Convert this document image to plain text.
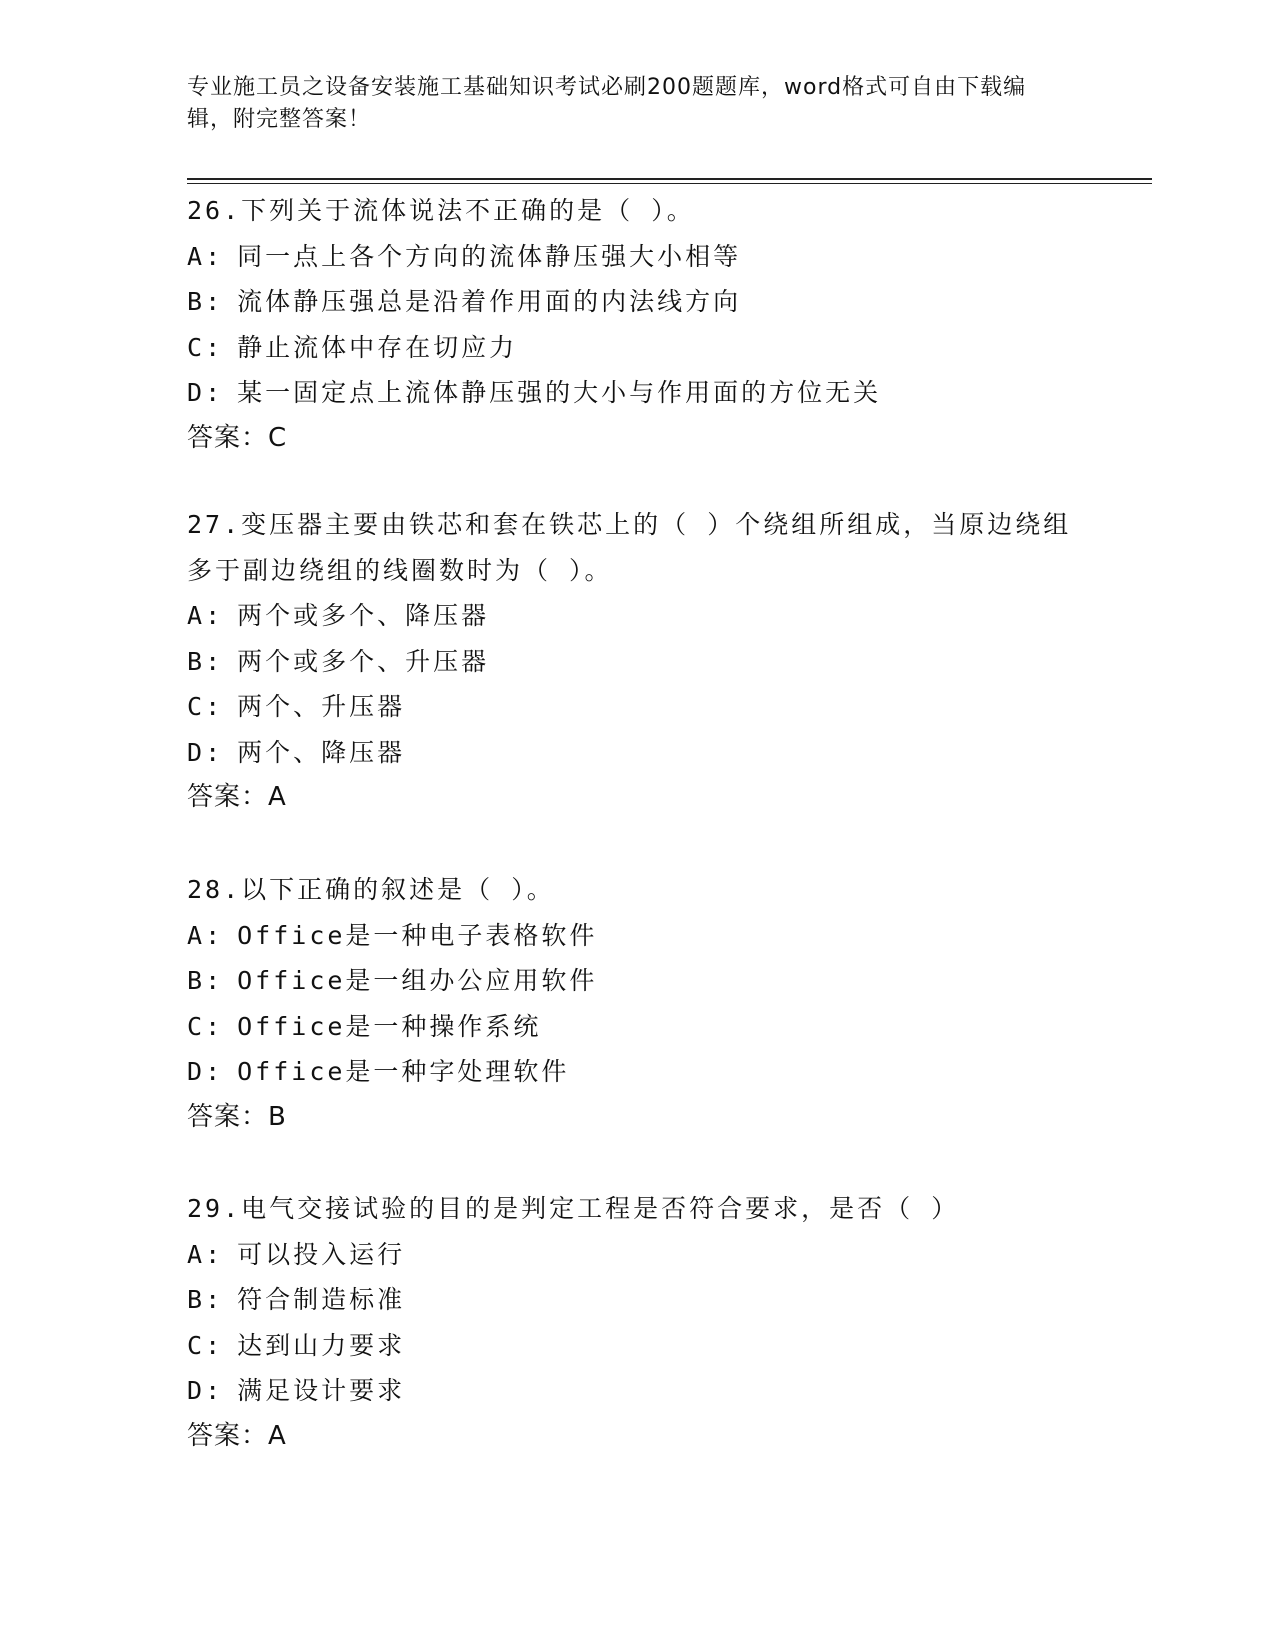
专业施工员之设备安装施工基础知识考试必刷200题题库，word格式可自由下载编辑，附完整答案！
26.下列关于流体说法不正确的是（ ）。
A: 同一点上各个方向的流体静压强大小相等
B: 流体静压强总是沿着作用面的内法线方向
C: 静止流体中存在切应力
D: 某一固定点上流体静压强的大小与作用面的方位无关
答案：C
27.变压器主要由铁芯和套在铁芯上的（ ）个绕组所组成，当原边绕组多于副边绕组的线圈数时为（ ）。
A: 两个或多个、降压器
B: 两个或多个、升压器
C: 两个、升压器
D: 两个、降压器
答案：A
28.以下正确的叙述是（ ）。
A: Office是一种电子表格软件
B: Office是一组办公应用软件
C: Office是一种操作系统
D: Office是一种字处理软件
答案：B
29.电气交接试验的目的是判定工程是否符合要求，是否（ ）
A: 可以投入运行
B: 符合制造标准
C: 达到山力要求
D: 满足设计要求
答案：A
